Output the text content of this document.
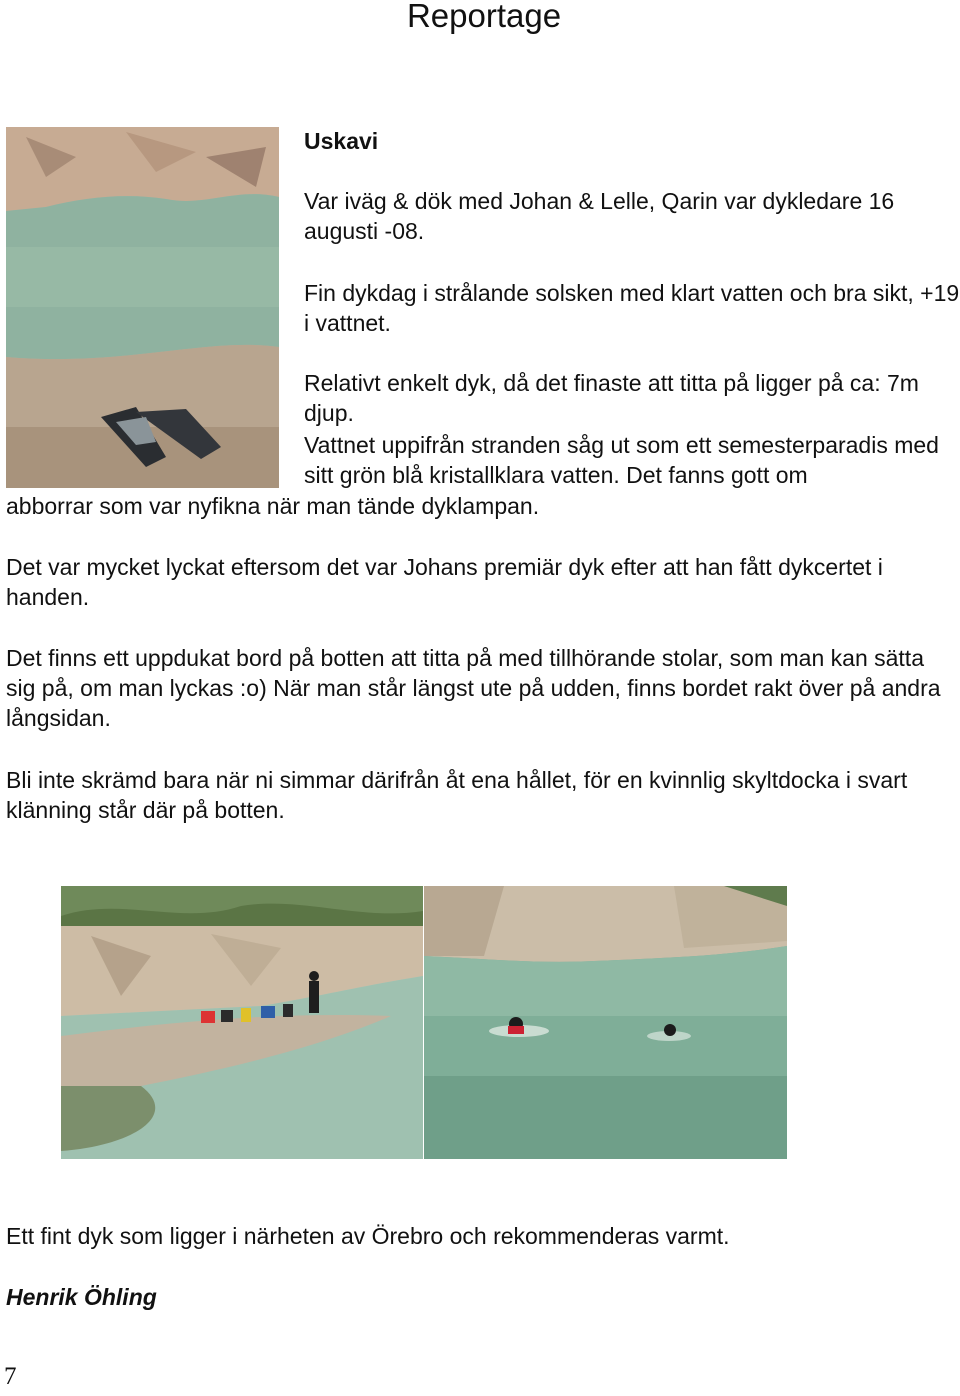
Reportage
Uskavi

Var iväg & dök med Johan & Lelle, Qarin var dykledare 16 augusti -08.

Fin dykdag i strålande solsken med klart vatten och bra sikt, +19 i vattnet.

Relativt enkelt dyk, då det finaste att titta på ligger på ca: 7m djup.

Vattnet uppifrån stranden såg ut som ett semesterparadis med sitt grön blå kristallklara vatten. Det fanns gott om

abborrar som var nyfikna när man tände dyklampan.

Det var mycket lyckat eftersom det var Johans premiär dyk efter att han fått dykcertet i handen.

Det finns ett uppdukat bord på botten att titta på med tillhörande stolar, som man kan sätta sig på, om man lyckas :o) När man står längst ute på udden, finns bordet rakt över på andra långsidan.

Bli inte skrämd bara när ni simmar därifrån åt ena hållet, för en kvinnlig skyltdocka i svart klänning står där på botten.

Ett fint dyk som ligger i närheten av Örebro och rekommenderas varmt.

Henrik Öhling
7
